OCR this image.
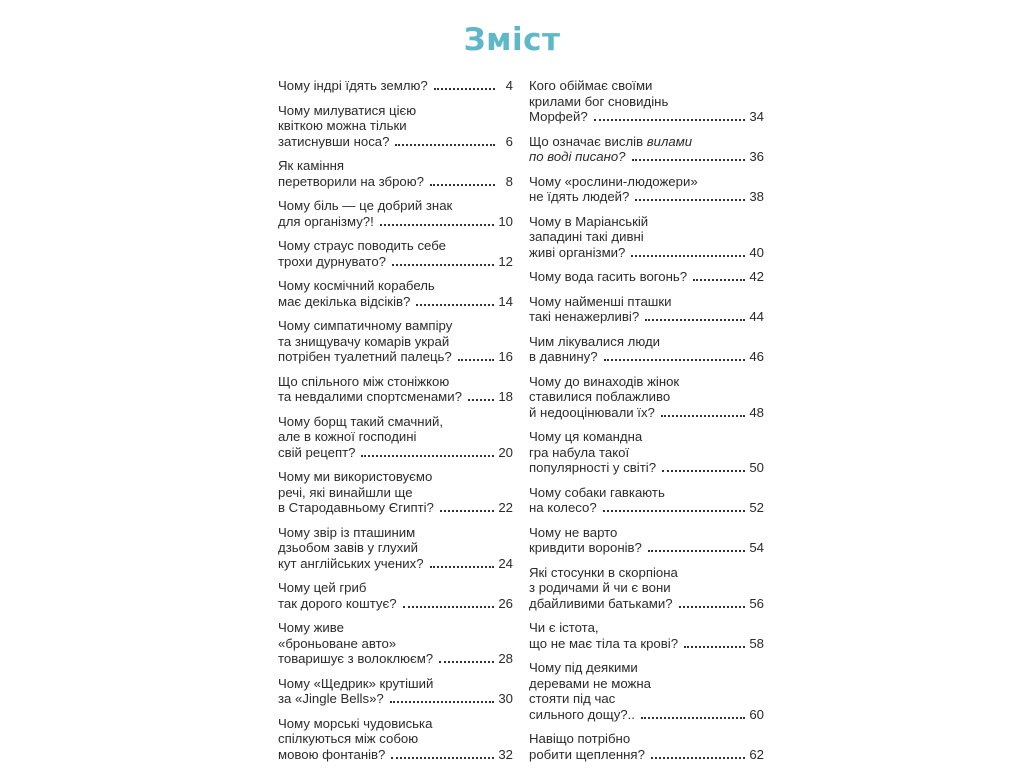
Зміст
Чому індрі їдять землю?	4
Чому милуватися цією
квіткою можна тільки
затиснувши носа?	6
Як каміння
перетворили на зброю?	8
Чому біль — це добрий знак
для організму?!	10
Чому страус поводить себе
трохи дурнувато?	12
Чому космічний корабель
має декілька відсіків?	14
Чому симпатичному вампіру
та знищувачу комарів украй
потрібен туалетний палець?	16
Що спільного між стоніжкою
та невдалими спортсменами?	18
Чому борщ такий смачний,
але в кожної господині
свій рецепт?	20
Чому ми використовуємо
речі, які винайшли ще
в Стародавньому Єгипті?	22
Чому звір із пташиним
дзьобом завів у глухий
кут англійських учених?	24
Чому цей гриб
так дорого коштує?	26
Чому живе
«броньоване авто»
товаришує з волоклюєм?	28
Чому «Щедрик» крутіший
за «Jingle Bells»?	30
Чому морські чудовиська
спілкуються між собою
мовою фонтанів?	32
Кого обіймає своїми
крилами бог сновидінь
Морфей?	34
Що означає вислів вилами
по воді писано?	36
Чому «рослини-людожери»
не їдять людей?	38
Чому в Маріанській
западині такі дивні
живі організми?	40
Чому вода гасить вогонь?	42
Чому найменші пташки
такі ненажерливі?	44
Чим лікувалися люди
в давнину?	46
Чому до винаходів жінок
ставилися поблажливо
й недооцінювали їх?	48
Чому ця командна
гра набула такої
популярності у світі?	50
Чому собаки гавкають
на колесо?	52
Чому не варто
кривдити воронів?	54
Які стосунки в скорпіона
з родичами й чи є вони
дбайливими батьками?	56
Чи є істота,
що не має тіла та крові?	58
Чому під деякими
деревами не можна
стояти під час
сильного дощу?..	60
Навіщо потрібно
робити щеплення?	62
